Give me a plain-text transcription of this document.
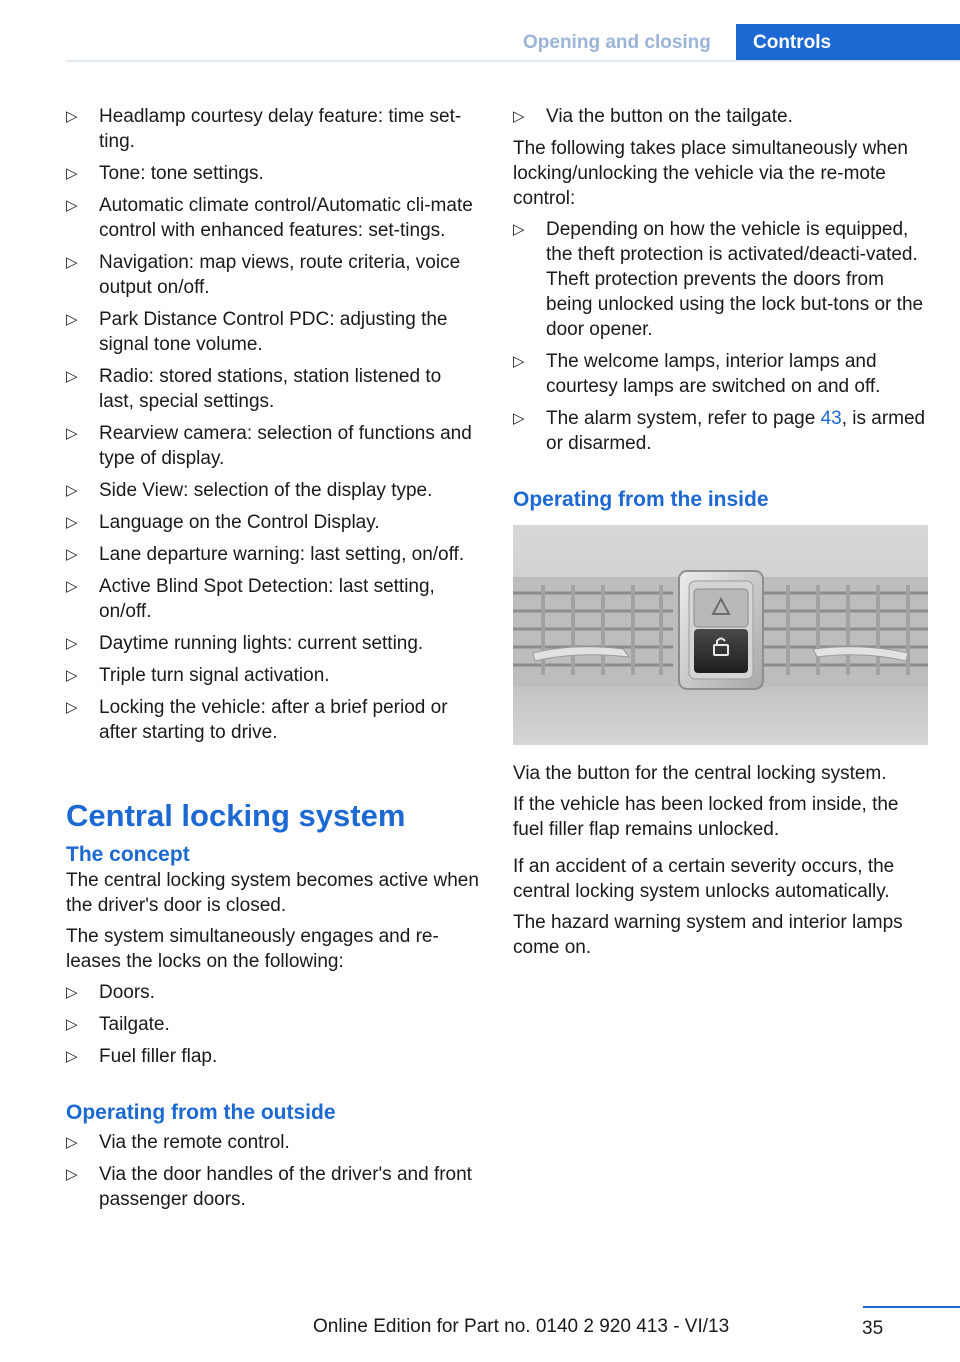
Opening and closing	Controls
▷ Headlamp courtesy delay feature: time set‐ting.
▷ Tone: tone settings.
▷ Automatic climate control/Automatic cli‐mate control with enhanced features: set‐tings.
▷ Navigation: map views, route criteria, voice output on/off.
▷ Park Distance Control PDC: adjusting the signal tone volume.
▷ Radio: stored stations, station listened to last, special settings.
▷ Rearview camera: selection of functions and type of display.
▷ Side View: selection of the display type.
▷ Language on the Control Display.
▷ Lane departure warning: last setting, on/off.
▷ Active Blind Spot Detection: last setting, on/off.
▷ Daytime running lights: current setting.
▷ Triple turn signal activation.
▷ Locking the vehicle: after a brief period or after starting to drive.
Central locking system
The concept

The central locking system becomes active when the driver's door is closed.

The system simultaneously engages and re‐leases the locks on the following:

▷ Doors.
▷ Tailgate.
▷ Fuel filler flap.
Operating from the outside
▷ Via the remote control.
▷ Via the door handles of the driver's and front passenger doors.
▷ Via the button on the tailgate.

The following takes place simultaneously when locking/unlocking the vehicle via the re‐mote control:

▷ Depending on how the vehicle is equipped, the theft protection is activated/deacti‐vated. Theft protection prevents the doors from being unlocked using the lock but‐tons or the door opener.
▷ The welcome lamps, interior lamps and courtesy lamps are switched on and off.
▷ The alarm system, refer to page 43, is armed or disarmed.
Operating from the inside

Via the button for the central locking system.

If the vehicle has been locked from inside, the fuel filler flap remains unlocked.

If an accident of a certain severity occurs, the central locking system unlocks automatically.

The hazard warning system and interior lamps come on.

35
Online Edition for Part no. 0140 2 920 413 - VI/13
